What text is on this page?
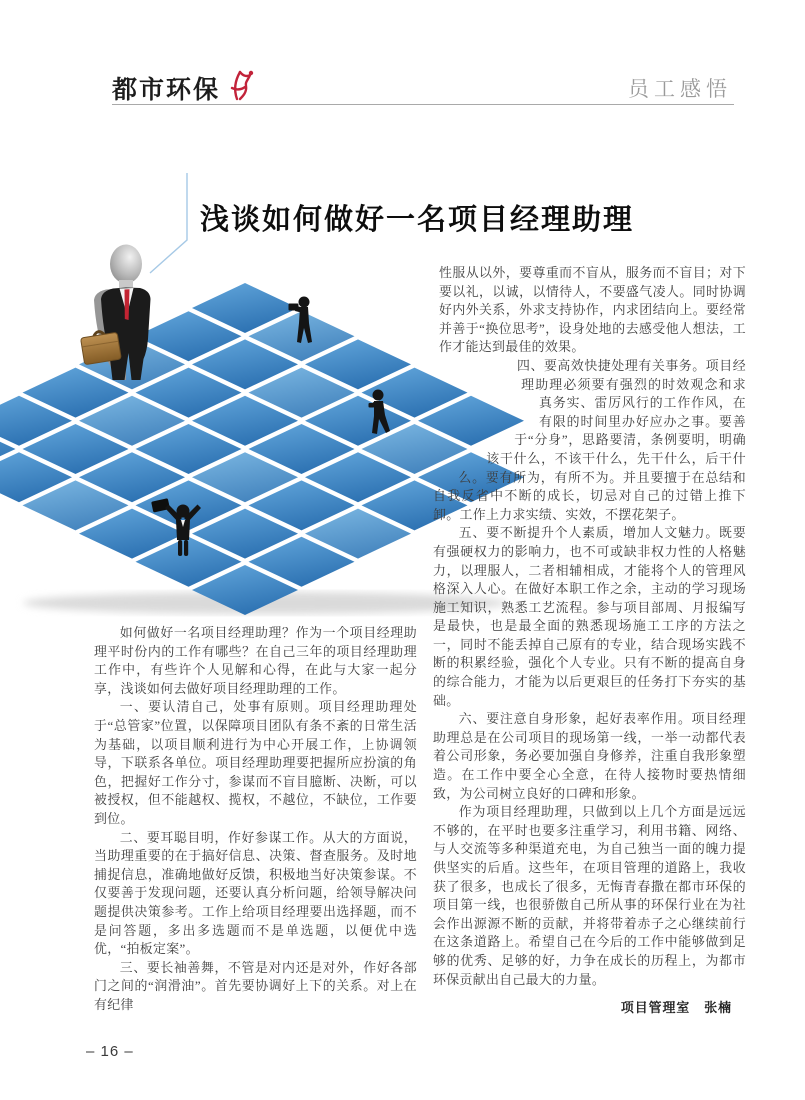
都市环保	员工感悟
浅谈如何做好一名项目经理助理

如何做好一名项目经理助理？作为一个项目经理助理平时份内的工作有哪些？在自己三年的项目经理助理工作中，有些许个人见解和心得，在此与大家一起分享，浅谈如何去做好项目经理助理的工作。

一、要认清自己，处事有原则。项目经理助理处于“总管家”位置，以保障项目团队有条不紊的日常生活为基础，以项目顺利进行为中心开展工作，上协调领导，下联系各单位。项目经理助理要把握所应扮演的角色，把握好工作分寸，参谋而不盲目臆断、决断，可以被授权，但不能越权、揽权，不越位，不缺位，工作要到位。

二、要耳聪目明，作好参谋工作。从大的方面说，当助理重要的在于搞好信息、决策、督查服务。及时地捕捉信息，准确地做好反馈，积极地当好决策参谋。不仅要善于发现问题，还要认真分析问题，给领导解决问题提供决策参考。工作上给项目经理要出选择题，而不是问答题，多出多选题而不是单选题，以便优中选优，“拍板定案”。

三、要长袖善舞，不管是对内还是对外，作好各部门之间的“润滑油”。首先要协调好上下的关系。对上在有纪律

性服从以外，要尊重而不盲从，服务而不盲目；对下要以礼，以诚，以情待人，不要盛气凌人。同时协调好内外关系，外求支持协作，内求团结向上。要经常并善于“换位思考”，设身处地的去感受他人想法，工作才能达到最佳的效果。

四、要高效快捷处理有关事务。项目经理助理必须要有强烈的时效观念和求真务实、雷厉风行的工作作风，在有限的时间里办好应办之事。要善于“分身”，思路要清，条例要明，明确该干什么，不该干什么，先干什么，后干什么。要有所为，有所不为。并且要擅于在总结和自我反省中不断的成长，切忌对自己的过错上推下卸。工作上力求实绩、实效，不摆花架子。

五、要不断提升个人素质，增加人文魅力。既要有强硬权力的影响力，也不可或缺非权力性的人格魅力，以理服人，二者相辅相成，才能将个人的管理风格深入人心。在做好本职工作之余，主动的学习现场施工知识，熟悉工艺流程。参与项目部周、月报编写是最快，也是最全面的熟悉现场施工工序的方法之一，同时不能丢掉自己原有的专业，结合现场实践不断的积累经验，强化个人专业。只有不断的提高自身的综合能力，才能为以后更艰巨的任务打下夯实的基础。

六、要注意自身形象，起好表率作用。项目经理助理总是在公司项目的现场第一线，一举一动都代表着公司形象，务必要加强自身修养，注重自我形象塑造。在工作中要全心全意，在待人接物时要热情细致，为公司树立良好的口碑和形象。

作为项目经理助理，只做到以上几个方面是远远不够的，在平时也要多注重学习，利用书籍、网络、与人交流等多种渠道充电，为自己独当一面的魄力提供坚实的后盾。这些年，在项目管理的道路上，我收获了很多，也成长了很多，无悔青春撒在都市环保的项目第一线，也很骄傲自己所从事的环保行业在为社会作出源源不断的贡献，并将带着赤子之心继续前行在这条道路上。希望自己在今后的工作中能够做到足够的优秀、足够的好，力争在成长的历程上，为都市环保贡献出自己最大的力量。

项目管理室　张楠
– 16 –
